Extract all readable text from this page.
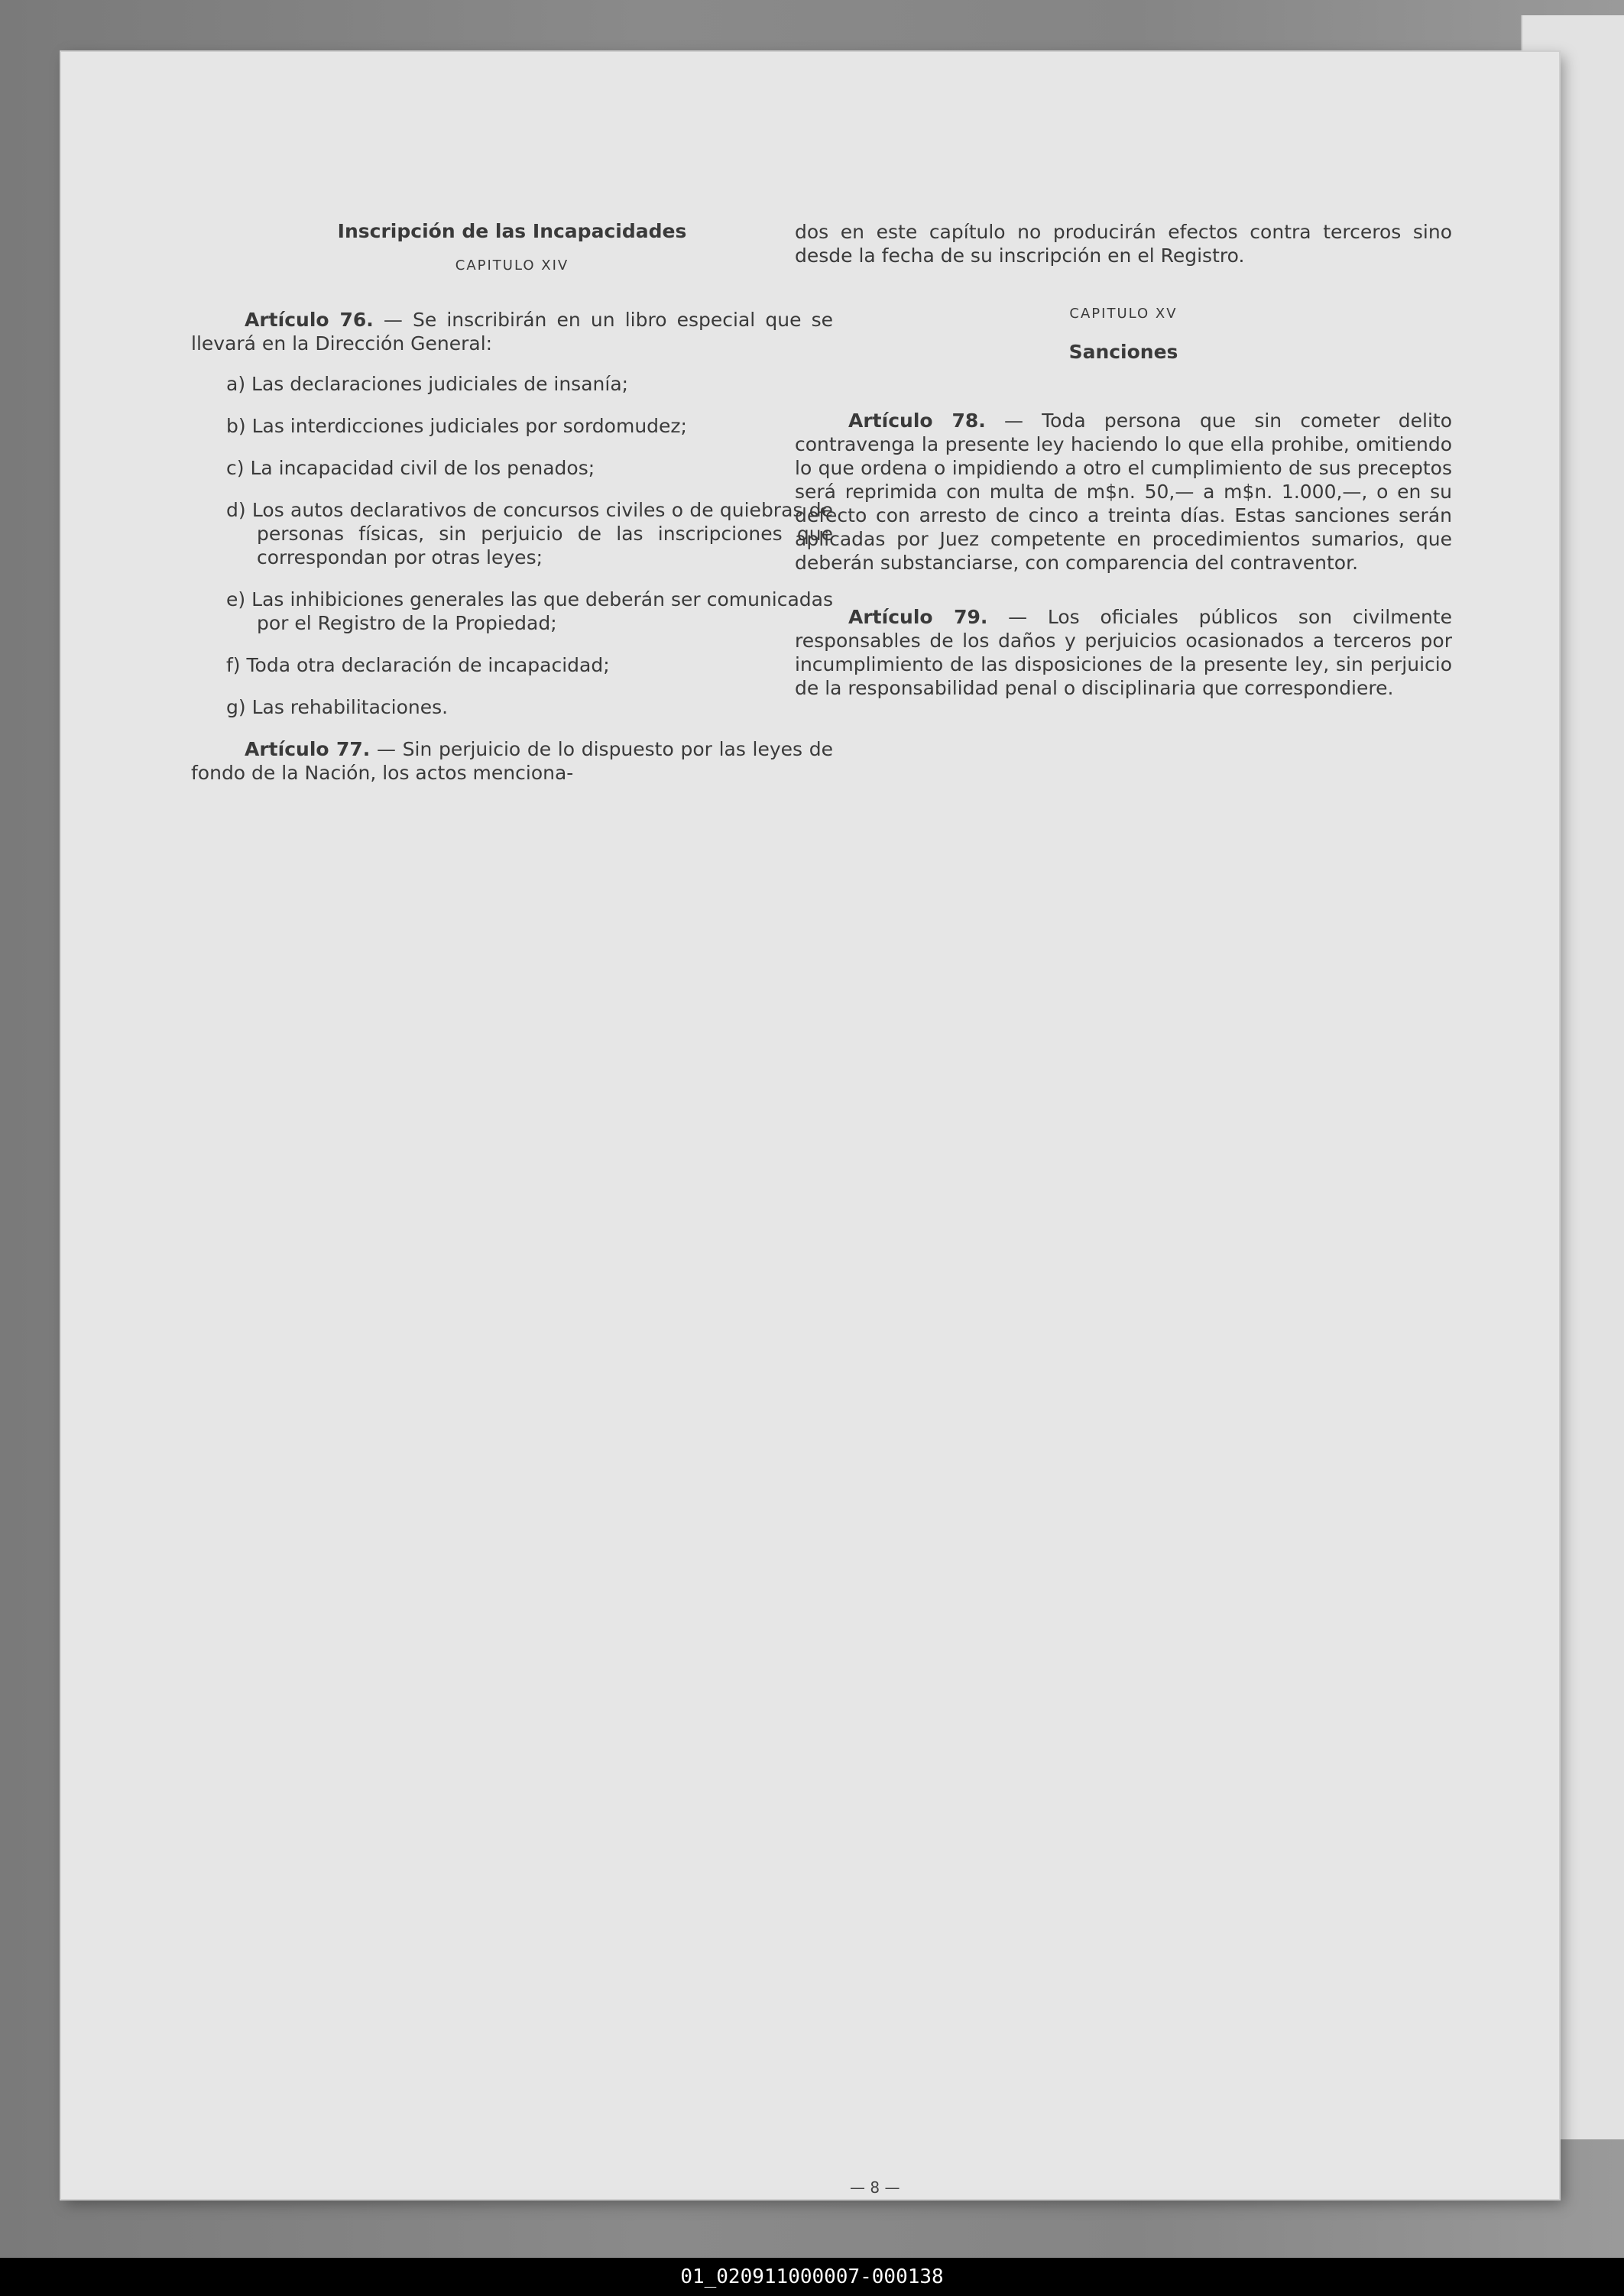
Inscripción de las Incapacidades

CAPITULO XIV

Artículo 76. — Se inscribirán en un libro especial que se llevará en la Dirección General:

a) Las declaraciones judiciales de insanía;

b) Las interdicciones judiciales por sordomudez;

c) La incapacidad civil de los penados;

d) Los autos declarativos de concursos civiles o de quiebras de personas físicas, sin perjuicio de las inscripciones que correspondan por otras leyes;

e) Las inhibiciones generales las que deberán ser comunicadas por el Registro de la Propiedad;

f) Toda otra declaración de incapacidad;

g) Las rehabilitaciones.

Artículo 77. — Sin perjuicio de lo dispuesto por las leyes de fondo de la Nación, los actos menciona-

dos en este capítulo no producirán efectos contra terceros sino desde la fecha de su inscripción en el Registro.

CAPITULO XV

Sanciones

Artículo 78. — Toda persona que sin cometer delito contravenga la presente ley haciendo lo que ella prohibe, omitiendo lo que ordena o impidiendo a otro el cumplimiento de sus preceptos será reprimida con multa de m$n. 50,— a m$n. 1.000,—, o en su defecto con arresto de cinco a treinta días. Estas sanciones serán aplicadas por Juez competente en procedimientos sumarios, que deberán substanciarse, con comparencia del contraventor.

Artículo 79. — Los oficiales públicos son civilmente responsables de los daños y perjuicios ocasionados a terceros por incumplimiento de las disposiciones de la presente ley, sin perjuicio de la responsabilidad penal o disciplinaria que correspondiere.

— 8 —
01_020911000007-000138
